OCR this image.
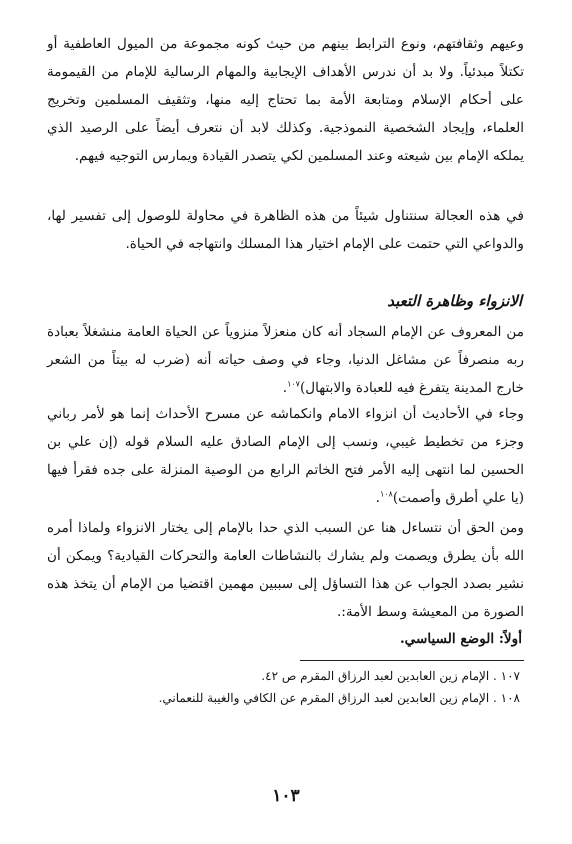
وعيهم وثقافتهم، ونوع الترابط بينهم من حيث كونه مجموعة من الميول العاطفية أو تكتلاً مبدئياً. ولا بد أن ندرس الأهداف الإيجابية والمهام الرسالية للإمام من القيمومة على أحكام الإسلام ومتابعة الأمة بما تحتاج إليه منها، وتثقيف المسلمين وتخريج العلماء، وإيجاد الشخصية النموذجية. وكذلك لابد أن نتعرف أيضاً على الرصيد الذي يملكه الإمام بين شيعته وعند المسلمين لكي يتصدر القيادة ويمارس التوجيه فيهم.

في هذه العجالة سنتناول شيئاً من هذه الظاهرة في محاولة للوصول إلى تفسير لها، والدواعي التي حتمت على الإمام اختيار هذا المسلك وانتهاجه في الحياة.

الانزواء وظاهرة التعبد

من المعروف عن الإمام السجاد أنه كان منعزلاً منزوياً عن الحياة العامة منشغلاً بعبادة ربه منصرفاً عن مشاغل الدنيا، وجاء في وصف حياته أنه (ضرب له بيتاً من الشعر خارج المدينة يتفرغ فيه للعبادة والابتهال)$^{١٠٧}$.

وجاء في الأحاديث أن انزواء الامام وانكماشه عن مسرح الأحداث إنما هو لأمر رباني وجزء من تخطيط غيبي، ونسب إلى الإمام الصادق عليه السلام قوله (إن علي بن الحسين لما انتهى إليه الأمر فتح الخاتم الرابع من الوصية المنزلة على جده فقرأ فيها (يا علي أطرق وأصمت)$^{١٠٨}$.

ومن الحق أن نتساءل هنا عن السبب الذي حدا بالإمام إلى يختار الانزواء ولماذا أمره الله بأن يطرق ويصمت ولم يشارك بالنشاطات العامة والتحركات القيادية؟ ويمكن أن نشير بصدد الجواب عن هذا التساؤل إلى سببين مهمين اقتضيا من الإمام أن يتخذ هذه الصورة من المعيشة وسط الأمة:.

أولاً: الوضع السياسي.

١٠٧ . الإمام زين العابدين لعبد الرزاق المقرم ص ٤٢.

١٠٨ . الإمام زين العابدين لعبد الرزاق المقرم عن الكافي والغيبة للنعماني.

١٠٣
